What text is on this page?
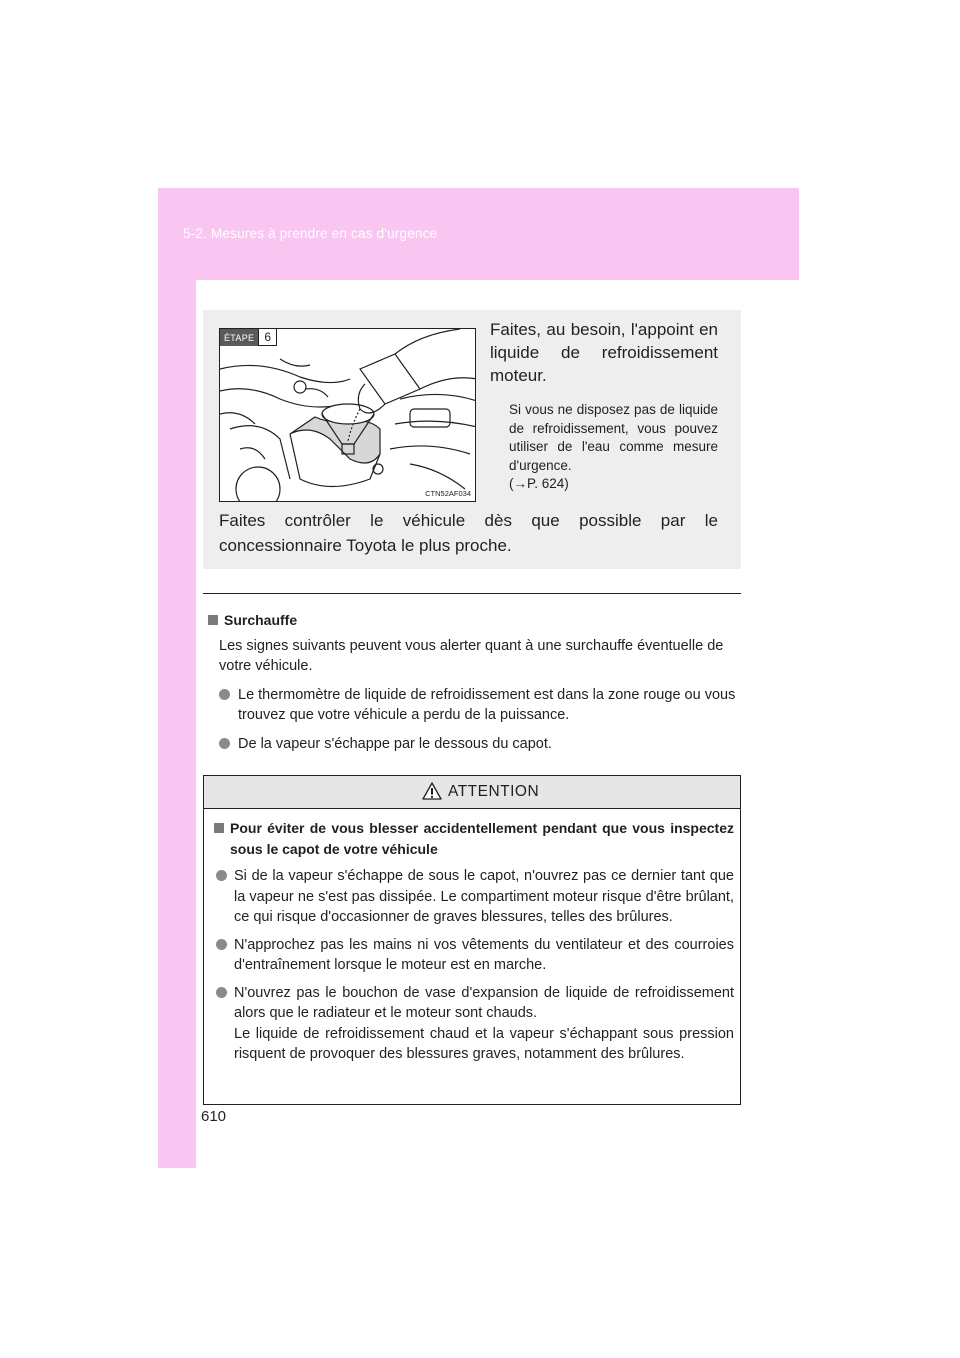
5-2. Mesures à prendre en cas d'urgence
ÉTAPE 6
CTN52AF034
Faites, au besoin, l'appoint en liquide de refroidissement moteur.
Si vous ne disposez pas de liquide de refroidissement, vous pouvez utiliser de l'eau comme mesure d'urgence.
(→P. 624)
Faites contrôler le véhicule dès que possible par le concessionnaire Toyota le plus proche.
Surchauffe
Les signes suivants peuvent vous alerter quant à une surchauffe éventuelle de votre véhicule.
Le thermomètre de liquide de refroidissement est dans la zone rouge ou vous trouvez que votre véhicule a perdu de la puissance.
De la vapeur s'échappe par le dessous du capot.
ATTENTION
Pour éviter de vous blesser accidentellement pendant que vous inspectez sous le capot de votre véhicule
Si de la vapeur s'échappe de sous le capot, n'ouvrez pas ce dernier tant que la vapeur ne s'est pas dissipée. Le compartiment moteur risque d'être brûlant, ce qui risque d'occasionner de graves blessures, telles des brûlures.
N'approchez pas les mains ni vos vêtements du ventilateur et des courroies d'entraînement lorsque le moteur est en marche.
N'ouvrez pas le bouchon de vase d'expansion de liquide de refroidissement alors que le radiateur et le moteur sont chauds.
Le liquide de refroidissement chaud et la vapeur s'échappant sous pression risquent de provoquer des blessures graves, notamment des brûlures.
610
